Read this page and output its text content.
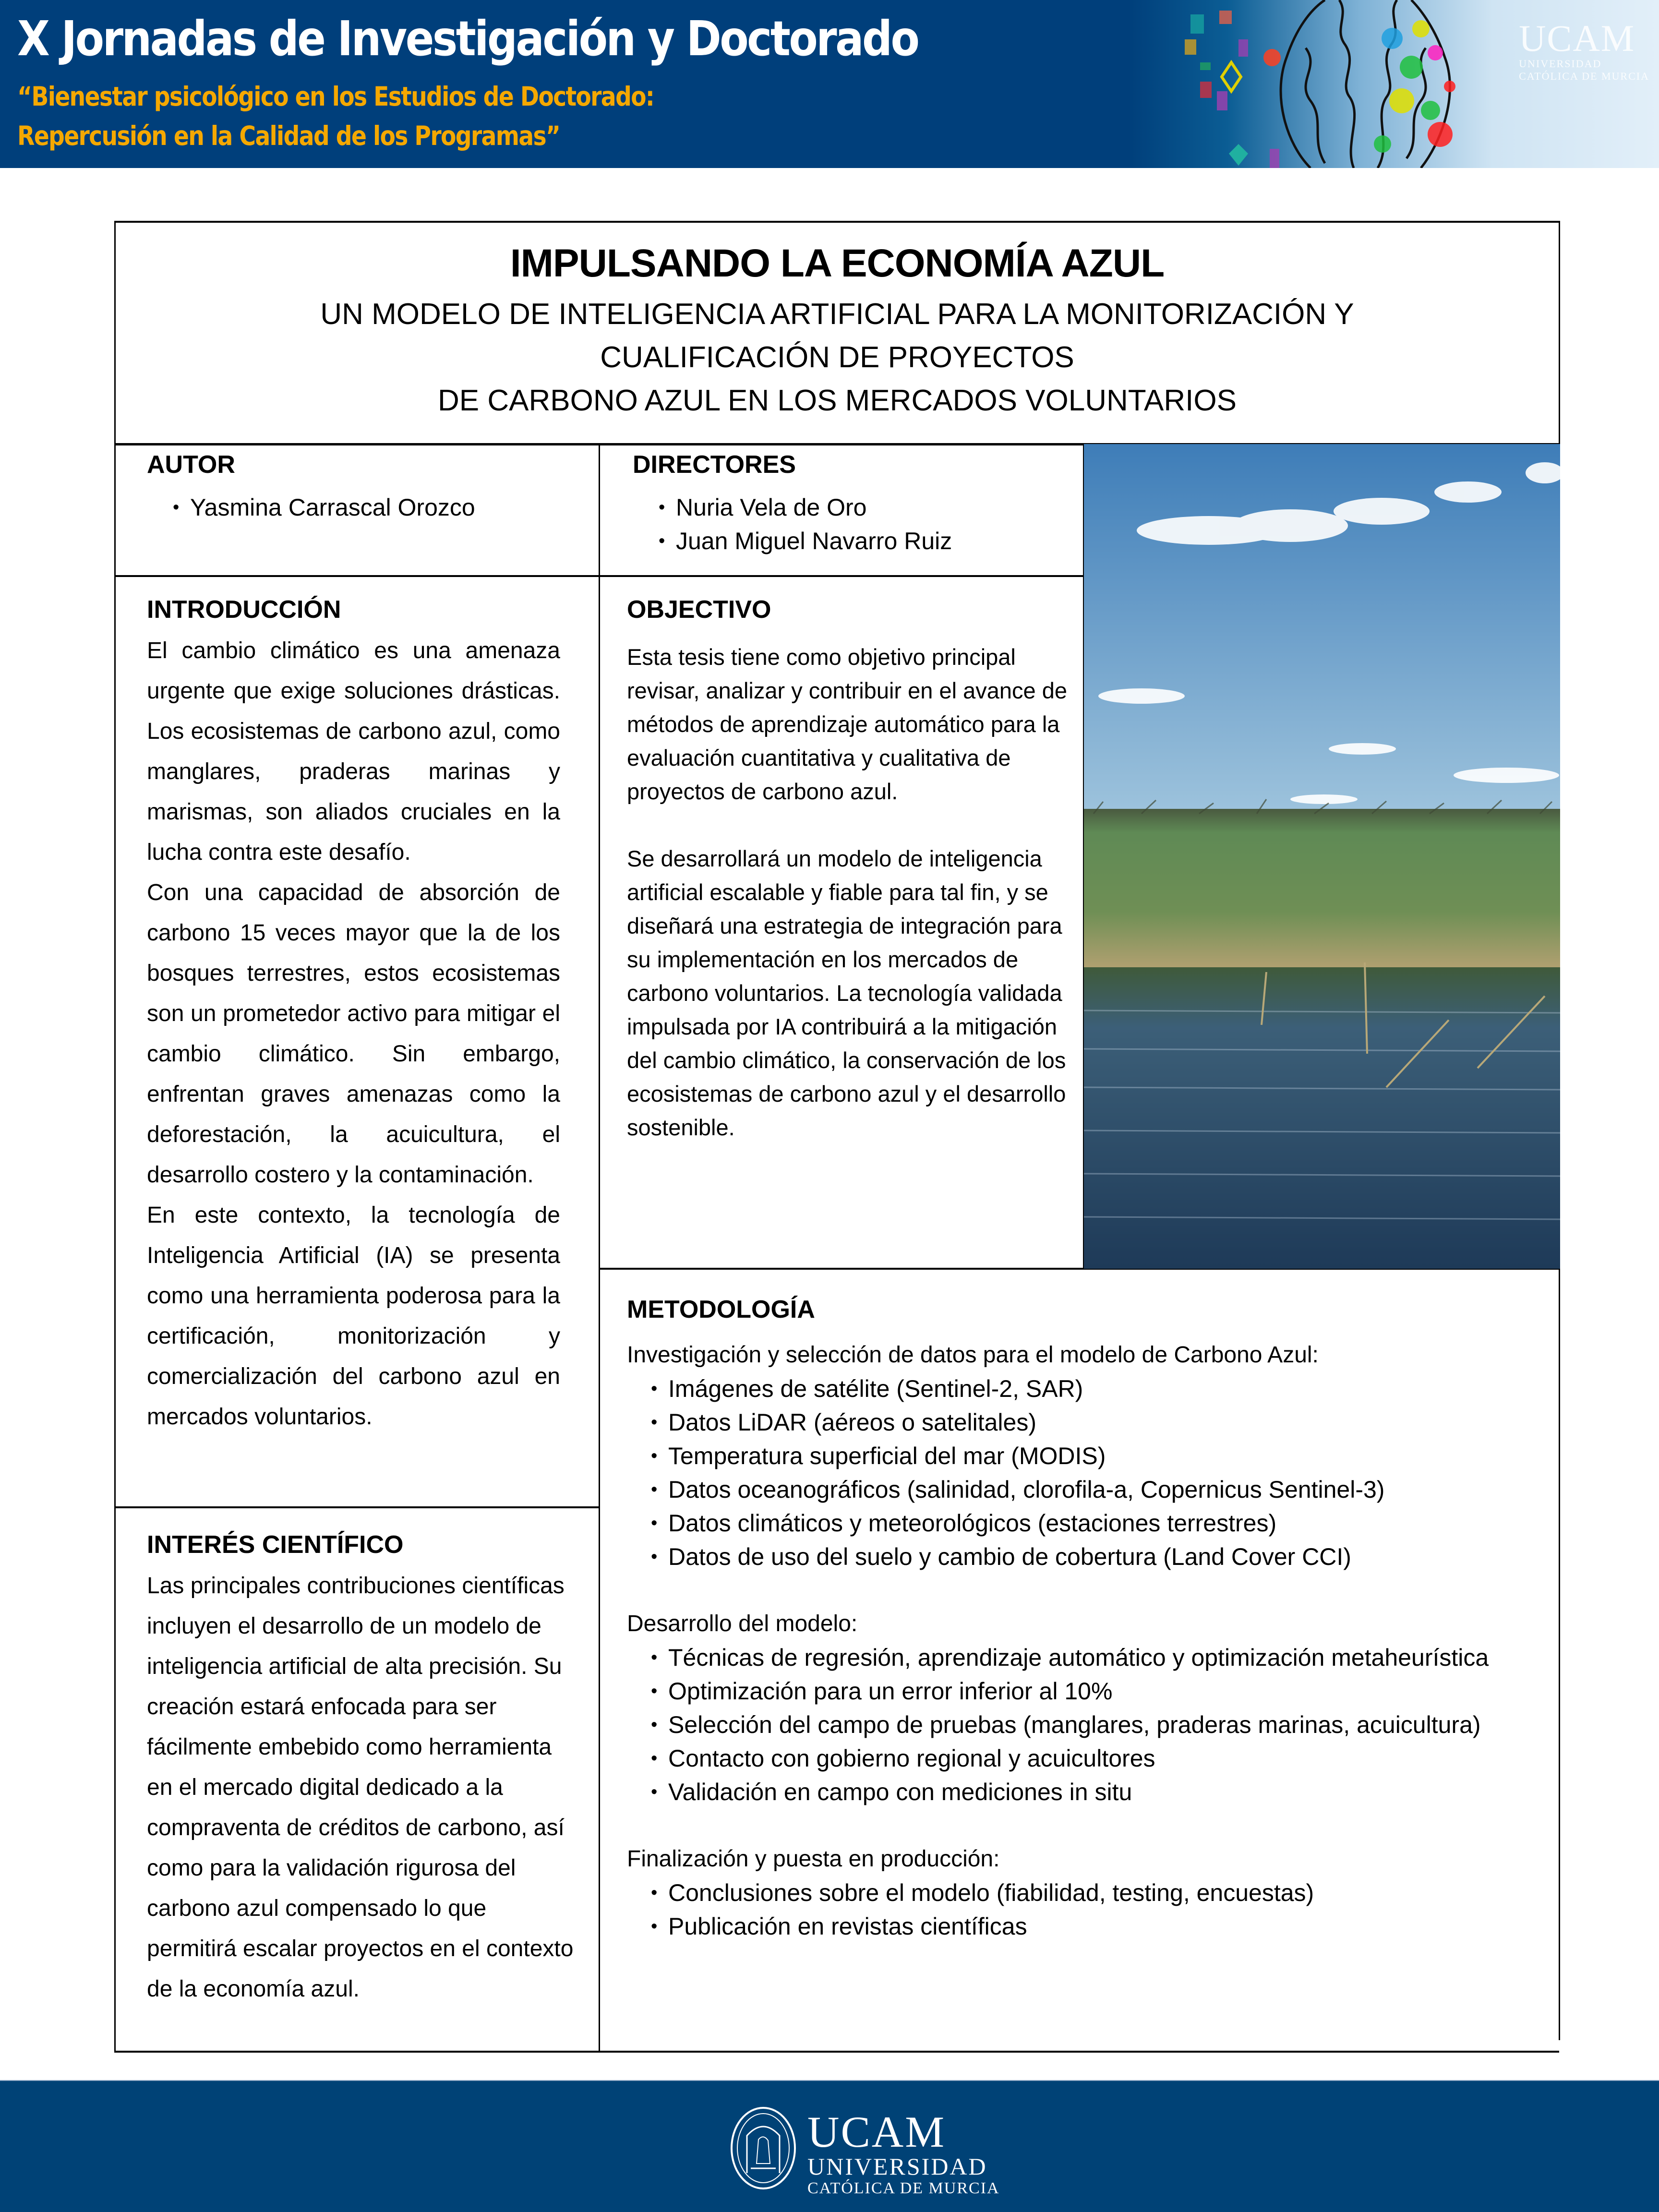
X Jornadas de Investigación y Doctorado
“Bienestar psicológico en los Estudios de Doctorado:
Repercusión en la Calidad de los Programas”
UCAM
UNIVERSIDAD
CATÓLICA DE MURCIA
IMPULSANDO LA ECONOMÍA AZUL
UN MODELO DE INTELIGENCIA ARTIFICIAL PARA LA MONITORIZACIÓN Y
CUALIFICACIÓN DE PROYECTOS
DE CARBONO AZUL EN LOS MERCADOS VOLUNTARIOS
AUTOR
• Yasmina Carrascal Orozco
DIRECTORES
• Nuria Vela de Oro
• Juan Miguel Navarro Ruiz
INTRODUCCIÓN

El cambio climático es una amenaza urgente que exige soluciones drásticas. Los ecosistemas de carbono azul, como manglares, praderas marinas y marismas, son aliados cruciales en la lucha contra este desafío.

Con una capacidad de absorción de carbono 15 veces mayor que la de los bosques terrestres, estos ecosistemas son un prometedor activo para mitigar el cambio climático. Sin embargo, enfrentan graves amenazas como la deforestación, la acuicultura, el desarrollo costero y la contaminación.

En este contexto, la tecnología de Inteligencia Artificial (IA) se presenta como una herramienta poderosa para la certificación, monitorización y comercialización del carbono azul en mercados voluntarios.

INTERÉS CIENTÍFICO

Las principales contribuciones científicas incluyen el desarrollo de un modelo de inteligencia artificial de alta precisión. Su creación estará enfocada para ser fácilmente embebido como herramienta en el mercado digital dedicado a la compraventa de créditos de carbono, así como para la validación rigurosa del carbono azul compensado lo que permitirá escalar proyectos en el contexto de la economía azul.

OBJECTIVO

Esta tesis tiene como objetivo principal revisar, analizar y contribuir en el avance de métodos de aprendizaje automático para la evaluación cuantitativa y cualitativa de proyectos de carbono azul.

Se desarrollará un modelo de inteligencia artificial escalable y fiable para tal fin, y se diseñará una estrategia de integración para su implementación en los mercados de carbono voluntarios. La tecnología validada impulsada por IA contribuirá a la mitigación del cambio climático, la conservación de los ecosistemas de carbono azul y el desarrollo sostenible.

METODOLOGÍA
Investigación y selección de datos para el modelo de Carbono Azul:
• Imágenes de satélite (Sentinel-2, SAR)
• Datos LiDAR (aéreos o satelitales)
• Temperatura superficial del mar (MODIS)
• Datos oceanográficos (salinidad, clorofila-a, Copernicus Sentinel-3)
• Datos climáticos y meteorológicos (estaciones terrestres)
• Datos de uso del suelo y cambio de cobertura (Land Cover CCI)
Desarrollo del modelo:
• Técnicas de regresión, aprendizaje automático y optimización metaheurística
• Optimización para un error inferior al 10%
• Selección del campo de pruebas (manglares, praderas marinas, acuicultura)
• Contacto con gobierno regional y acuicultores
• Validación en campo con mediciones in situ
Finalización y puesta en producción:
• Conclusiones sobre el modelo (fiabilidad, testing, encuestas)
• Publicación en revistas científicas
UCAM
UNIVERSIDAD
CATÓLICA DE MURCIA
